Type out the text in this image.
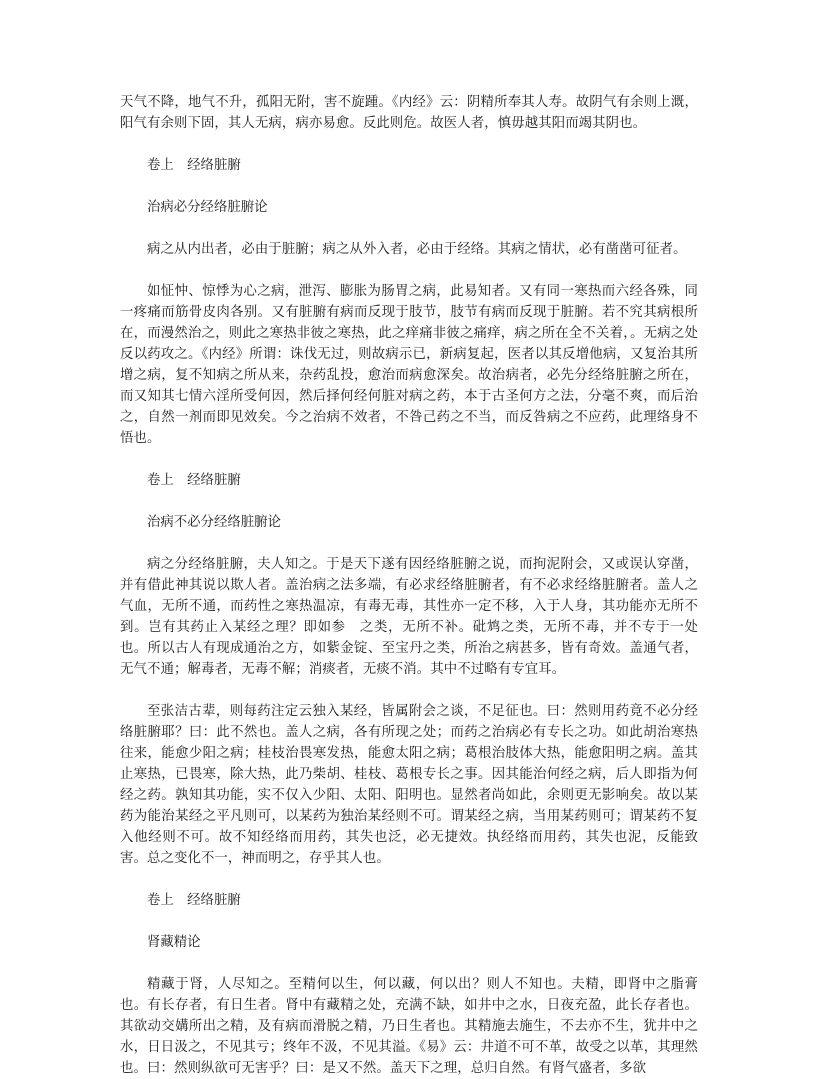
天气不降，地气不升，孤阳无附，害不旋踵。《内经》云：阴精所奉其人寿。故阴气有余则上溉，阳气有余则下固，其人无病，病亦易愈。反此则危。故医人者，慎毋越其阳而竭其阴也。

卷上　经络脏腑

治病必分经络脏腑论

病之从内出者，必由于脏腑；病之从外入者，必由于经络。其病之情状，必有凿凿可征者。

如怔忡、惊悸为心之病，泄泻、膨胀为肠胃之病，此易知者。又有同一寒热而六经各殊，同一疼痛而筋骨皮肉各别。又有脏腑有病而反现于肢节，肢节有病而反现于脏腑。若不究其病根所在，而漫然治之，则此之寒热非彼之寒热，此之痒痛非彼之痛痒，病之所在全不关着，。无病之处反以药攻之。《内经》所谓：诛伐无过，则故病示已，新病复起，医者以其反增他病，又复治其所增之病，复不知病之所从来，杂药乱投，愈治而病愈深矣。故治病者，必先分经络脏腑之所在，而又知其七情六淫所受何因，然后择何经何脏对病之药，本于古圣何方之法，分毫不爽，而后治之，自然一剂而即见效矣。今之治病不效者，不咎己药之不当，而反咎病之不应药，此理络身不悟也。

卷上　经络脏腑

治病不必分经络脏腑论

病之分经络脏腑，夫人知之。于是天下遂有因经络脏腑之说，而拘泥附会，又或误认穿凿，并有借此神其说以欺人者。盖治病之法多端，有必求经络脏腑者，有不必求经络脏腑者。盖人之气血，无所不通，而药性之寒热温凉，有毒无毒，其性亦一定不移，入于人身，其功能亦无所不到。岂有其药止入某经之理？即如参　之类，无所不补。砒鸩之类，无所不毒，并不专于一处也。所以古人有现成通治之方，如紫金锭、至宝丹之类，所治之病甚多，皆有奇效。盖通气者，无气不通；解毒者，无毒不解；消痰者，无痰不消。其中不过略有专宜耳。

至张洁古辈，则每药注定云独入某经，皆属附会之谈，不足征也。曰：然则用药竟不必分经络脏腑耶？曰：此不然也。盖人之病，各有所现之处；而药之治病必有专长之功。如此胡治寒热往来，能愈少阳之病；桂枝治畏寒发热，能愈太阳之病；葛根治肢体大热，能愈阳明之病。盖其止寒热，已畏寒，除大热，此乃柴胡、桂枝、葛根专长之事。因其能治何经之病，后人即指为何经之药。孰知其功能，实不仅入少阳、太阳、阳明也。显然者尚如此，余则更无影响矣。故以某药为能治某经之平凡则可，以某药为独治某经则不可。谓某经之病，当用某药则可；谓某药不复入他经则不可。故不知经络而用药，其失也泛，必无捷效。执经络而用药，其失也泥，反能致害。总之变化不一，神而明之，存乎其人也。

卷上　经络脏腑

肾藏精论

精藏于肾，人尽知之。至精何以生，何以藏，何以出？则人不知也。夫精，即肾中之脂膏也。有长存者，有日生者。肾中有藏精之处，充满不缺，如井中之水，日夜充盈，此长存者也。其欲动交媾所出之精，及有病而滑脱之精，乃日生者也。其精施去施生，不去亦不生，犹井中之水，日日汲之，不见其亏；终年不汲，不见其溢。《易》云：井道不可不革，故受之以革，其理然也。曰：然则纵欲可无害乎？曰：是又不然。盖天下之理，总归自然。有肾气盛者，多欲
